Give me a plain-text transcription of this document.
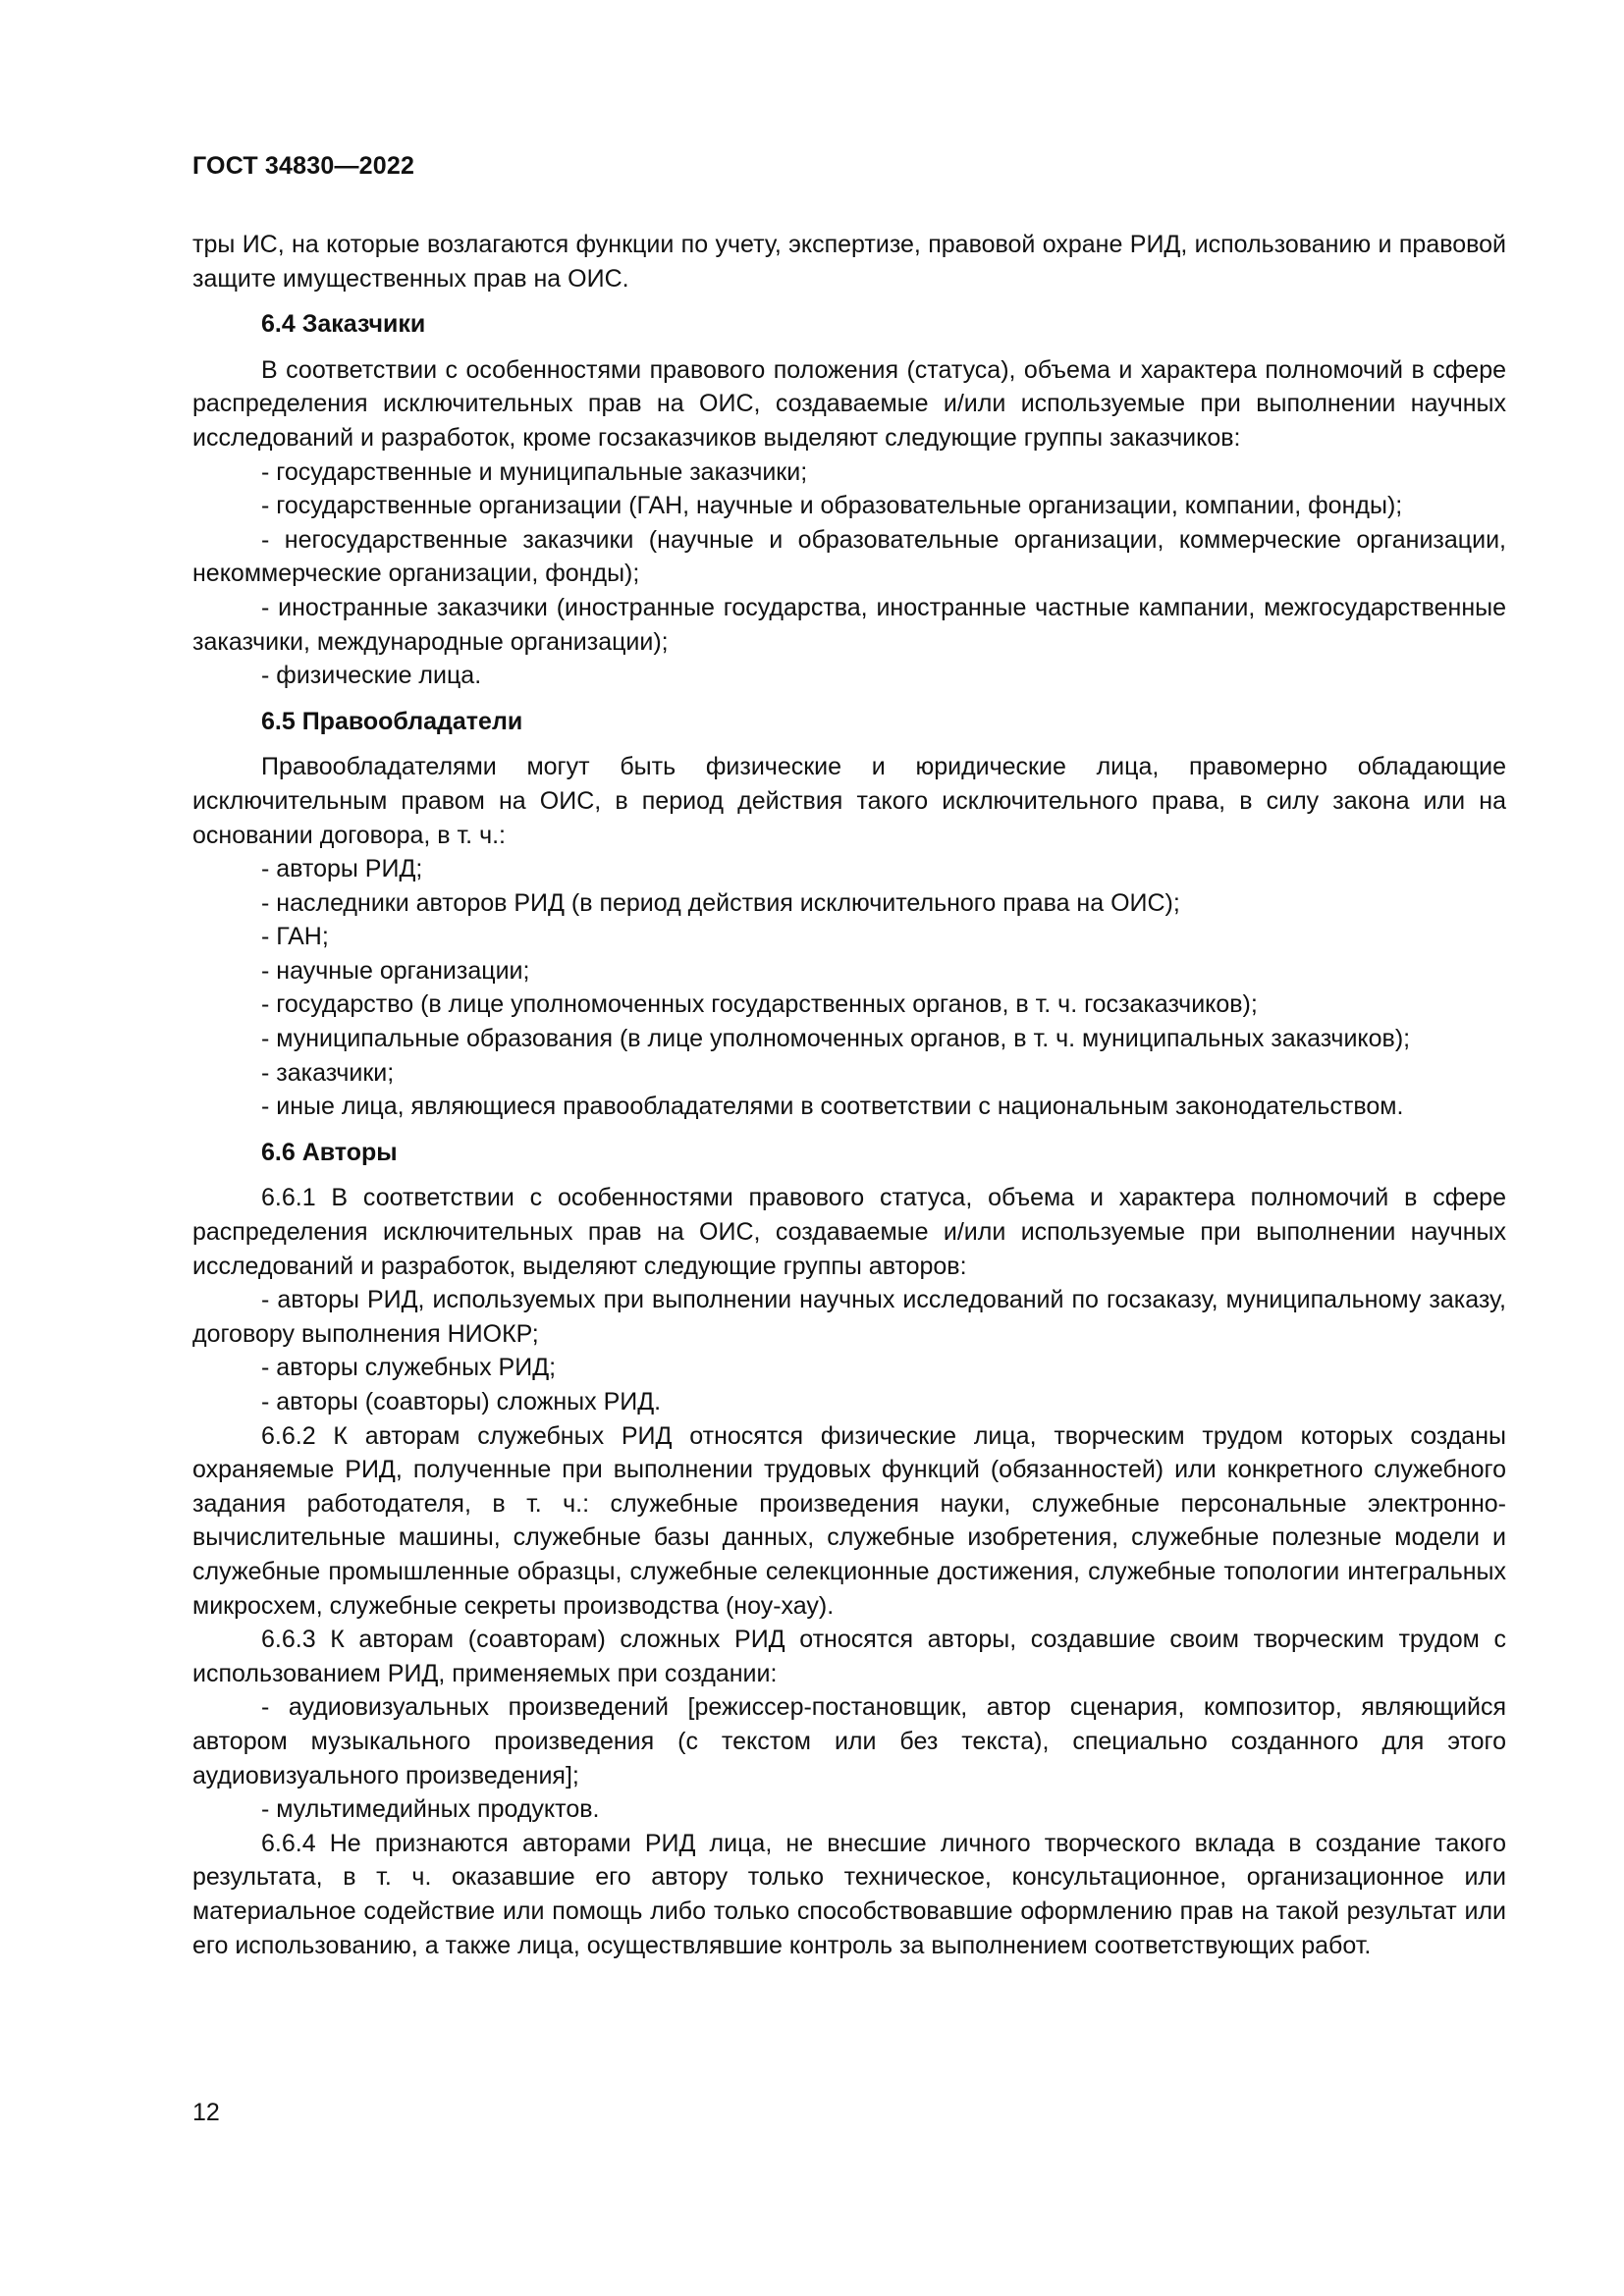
ГОСТ 34830—2022

тры ИС, на которые возлагаются функции по учету, экспертизе, правовой охране РИД, использованию и правовой защите имущественных прав на ОИС.

6.4 Заказчики

В соответствии с особенностями правового положения (статуса), объема и характера полномочий в сфере распределения исключительных прав на ОИС, создаваемые и/или используемые при выполнении научных исследований и разработок, кроме госзаказчиков выделяют следующие группы заказчиков:

- государственные и муниципальные заказчики;

- государственные организации (ГАН, научные и образовательные организации, компании, фонды);

- негосударственные заказчики (научные и образовательные организации, коммерческие организации, некоммерческие организации, фонды);

- иностранные заказчики (иностранные государства, иностранные частные кампании, межгосударственные заказчики, международные организации);

- физические лица.

6.5 Правообладатели

Правообладателями могут быть физические и юридические лица, правомерно обладающие исключительным правом на ОИС, в период действия такого исключительного права, в силу закона или на основании договора, в т. ч.:

- авторы РИД;

- наследники авторов РИД (в период действия исключительного права на ОИС);

- ГАН;

- научные организации;

- государство (в лице уполномоченных государственных органов, в т. ч. госзаказчиков);

- муниципальные образования (в лице уполномоченных органов, в т. ч. муниципальных заказчиков);

- заказчики;

- иные лица, являющиеся правообладателями в соответствии с национальным законодательством.

6.6 Авторы

6.6.1 В соответствии с особенностями правового статуса, объема и характера полномочий в сфере распределения исключительных прав на ОИС, создаваемые и/или используемые при выполнении научных исследований и разработок, выделяют следующие группы авторов:

- авторы РИД, используемых при выполнении научных исследований по госзаказу, муниципальному заказу, договору выполнения НИОКР;

- авторы служебных РИД;

- авторы (соавторы) сложных РИД.

6.6.2 К авторам служебных РИД относятся физические лица, творческим трудом которых созданы охраняемые РИД, полученные при выполнении трудовых функций (обязанностей) или конкретного служебного задания работодателя, в т. ч.: служебные произведения науки, служебные персональные электронно-вычислительные машины, служебные базы данных, служебные изобретения, служебные полезные модели и служебные промышленные образцы, служебные селекционные достижения, служебные топологии интегральных микросхем, служебные секреты производства (ноу-хау).

6.6.3 К авторам (соавторам) сложных РИД относятся авторы, создавшие своим творческим трудом с использованием РИД, применяемых при создании:

- аудиовизуальных произведений [режиссер-постановщик, автор сценария, композитор, являющийся автором музыкального произведения (с текстом или без текста), специально созданного для этого аудиовизуального произведения];

- мультимедийных продуктов.

6.6.4 Не признаются авторами РИД лица, не внесшие личного творческого вклада в создание такого результата, в т. ч. оказавшие его автору только техническое, консультационное, организационное или материальное содействие или помощь либо только способствовавшие оформлению прав на такой результат или его использованию, а также лица, осуществлявшие контроль за выполнением соответствующих работ.

12
